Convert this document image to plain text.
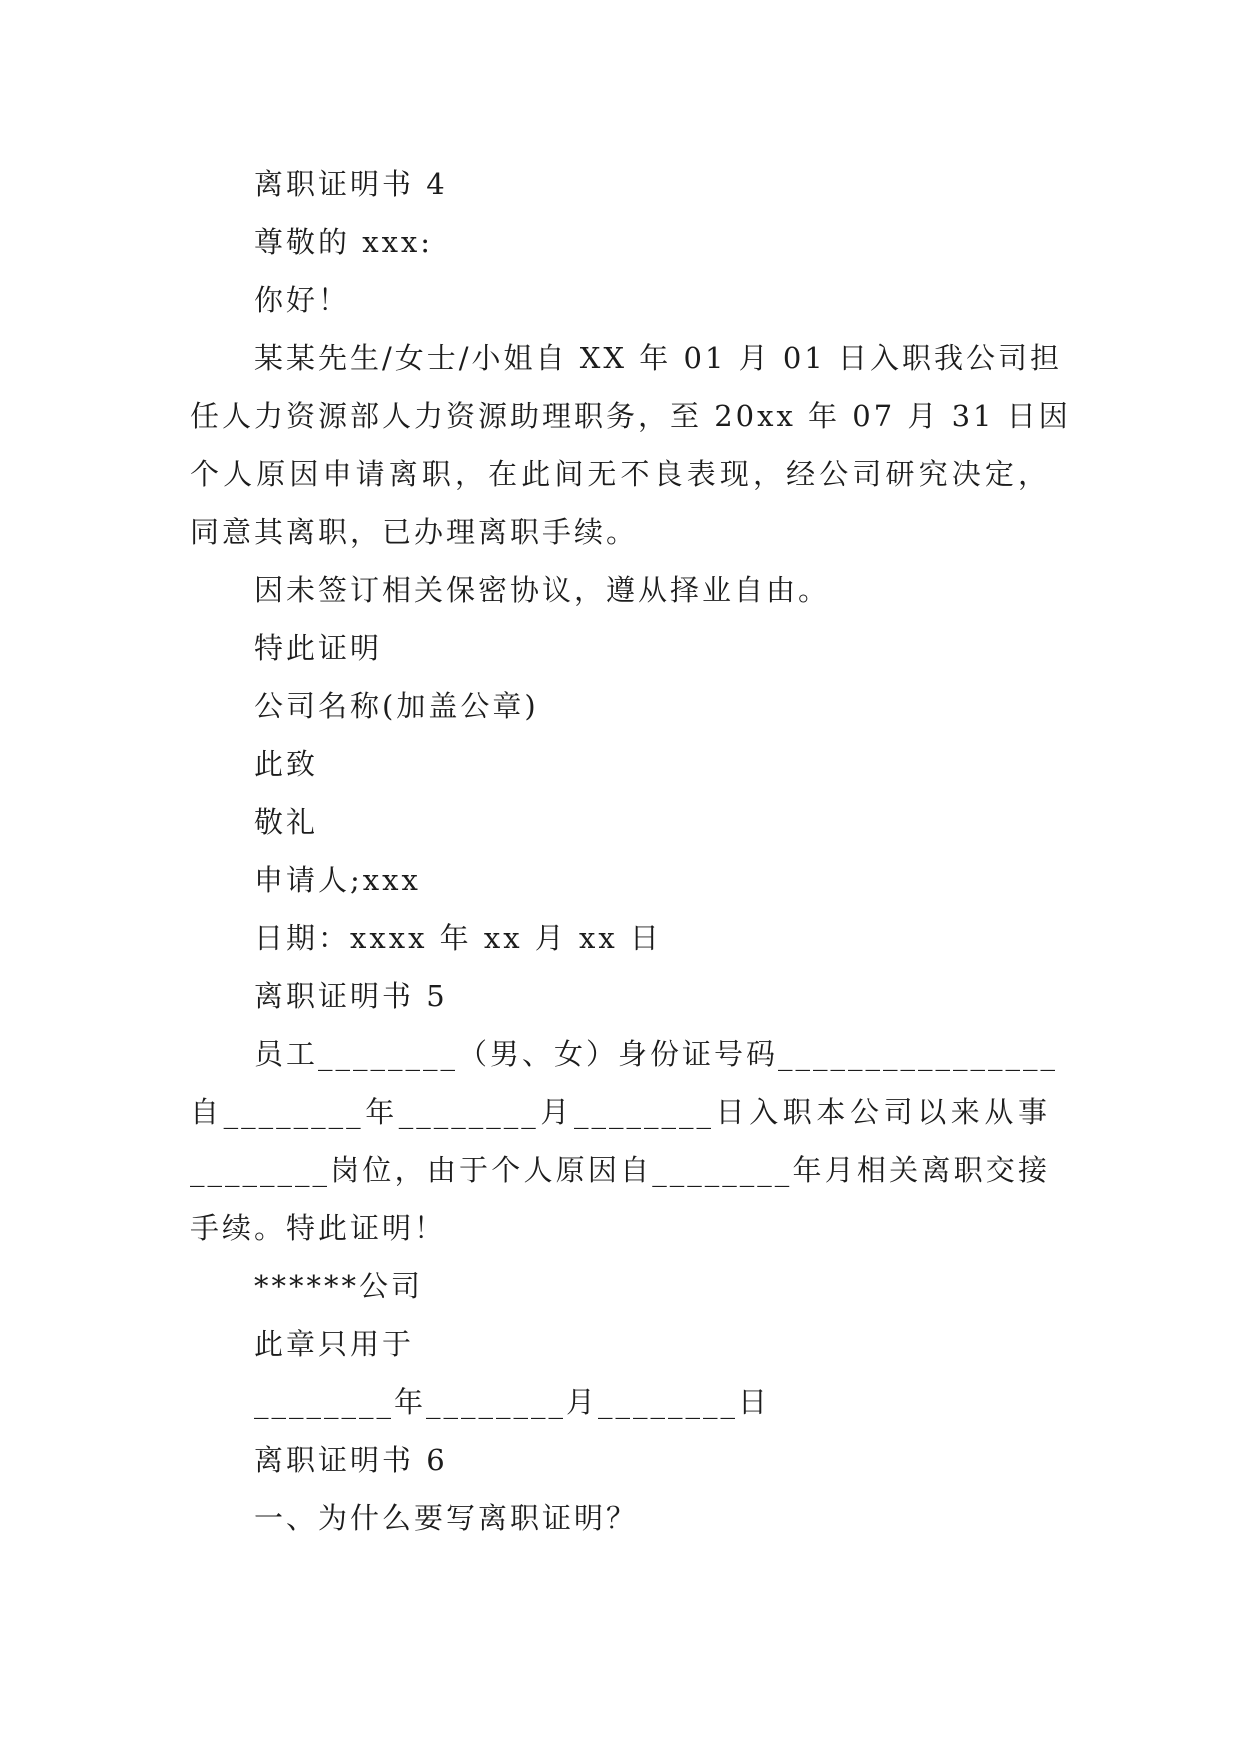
离职证明书 4
尊敬的 xxx:
你好！
某某先生/女士/小姐自 XX 年 01 月 01 日入职我公司担
任人力资源部人力资源助理职务，至 20xx 年 07 月 31 日因
个人原因申请离职，在此间无不良表现，经公司研究决定，
同意其离职，已办理离职手续。
因未签订相关保密协议，遵从择业自由。
特此证明
公司名称(加盖公章)
此致
敬礼
申请人;xxx
日期：xxxx 年 xx 月 xx 日
离职证明书 5
员工________（男、女）身份证号码________________
自________年________月________日入职本公司以来从事
________岗位，由于个人原因自________年月相关离职交接
手续。特此证明！
******公司
此章只用于
________年________月________日
离职证明书 6
一、为什么要写离职证明？
